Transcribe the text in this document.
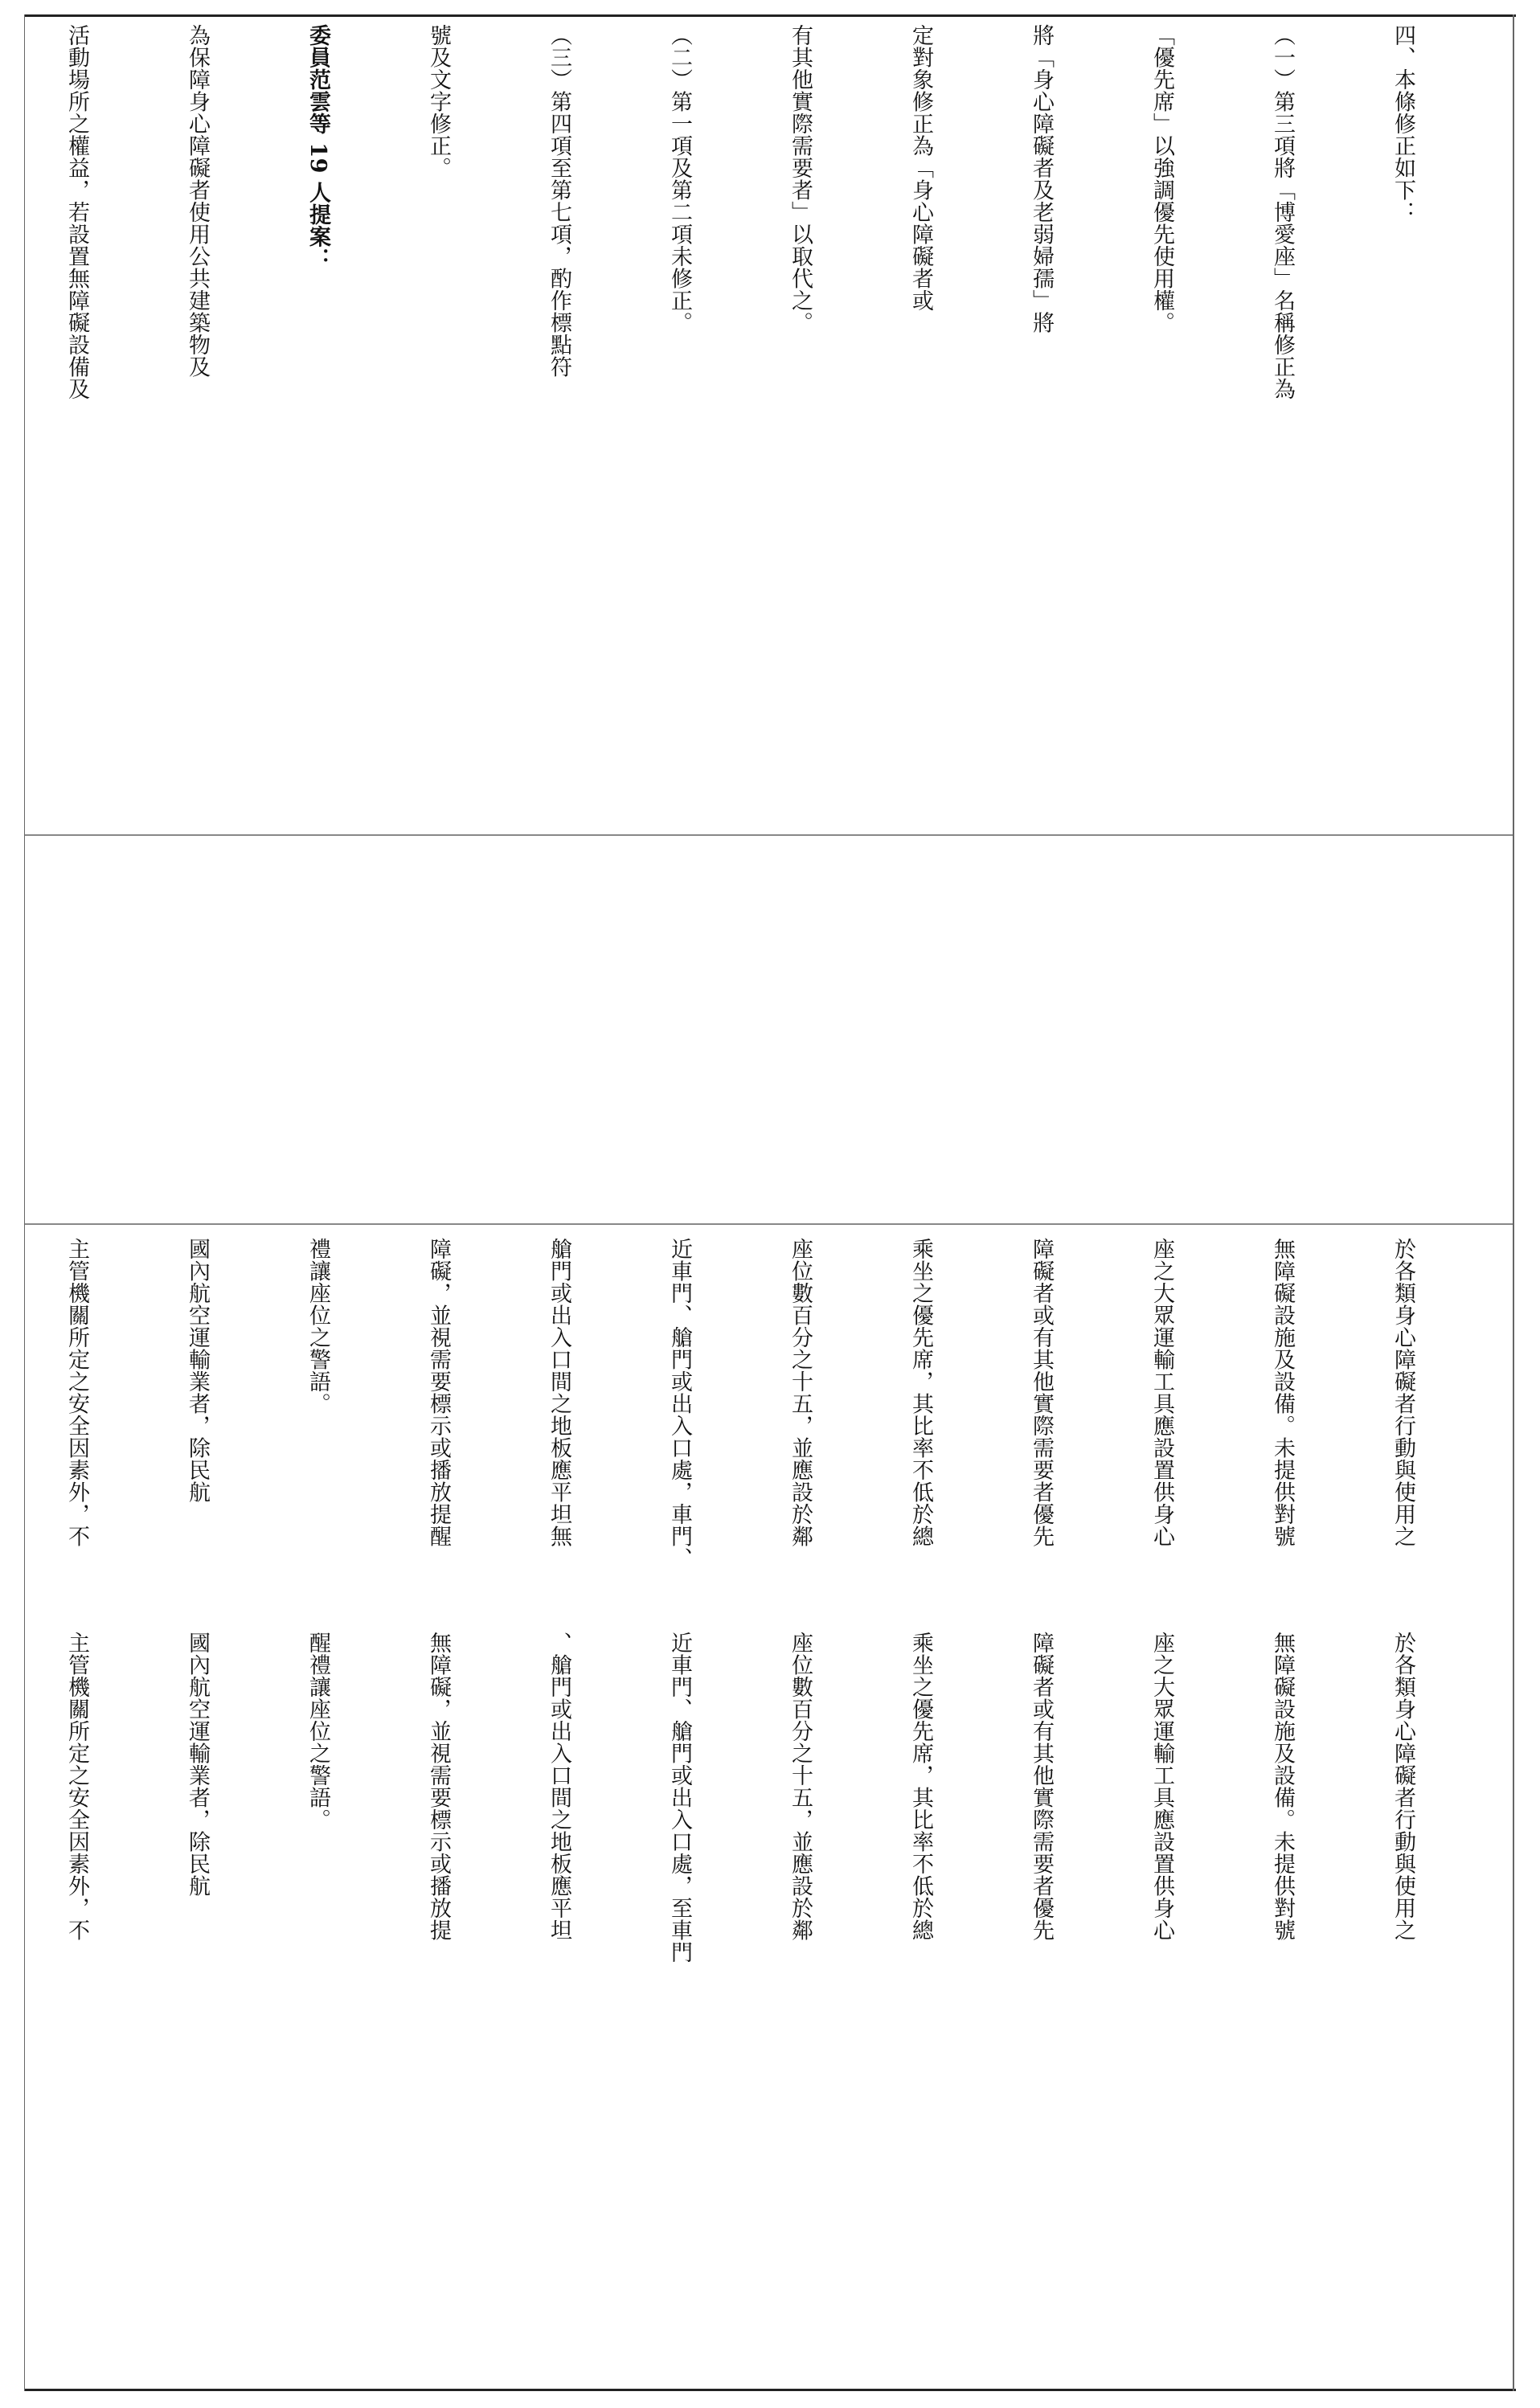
四、本條修正如下：

（一）第三項將「博愛座」名稱修正為

「優先席」以強調優先使用權。

將「身心障礙者及老弱婦孺」將

定對象修正為「身心障礙者或

有其他實際需要者」以取代之。

（二）第一項及第二項未修正。

（三）第四項至第七項，酌作標點符

號及文字修正。

委員范雲等 19 人提案：

為保障身心障礙者使用公共建築物及

活動場所之權益，若設置無障礙設備及

於各類身心障礙者行動與使用之

無障礙設施及設備。未提供對號

座之大眾運輸工具應設置供身心

障礙者或有其他實際需要者優先

乘坐之優先席，其比率不低於總

座位數百分之十五，並應設於鄰

近車門、艙門或出入口處，車門、

艙門或出入口間之地板應平坦無

障礙，並視需要標示或播放提醒

禮讓座位之警語。

國內航空運輸業者，除民航

主管機關所定之安全因素外，不

於各類身心障礙者行動與使用之

無障礙設施及設備。未提供對號

座之大眾運輸工具應設置供身心

障礙者或有其他實際需要者優先

乘坐之優先席，其比率不低於總

座位數百分之十五，並應設於鄰

近車門、艙門或出入口處，至車門

、艙門或出入口間之地板應平坦

無障礙，並視需要標示或播放提

醒禮讓座位之警語。

國內航空運輸業者，除民航

主管機關所定之安全因素外，不
